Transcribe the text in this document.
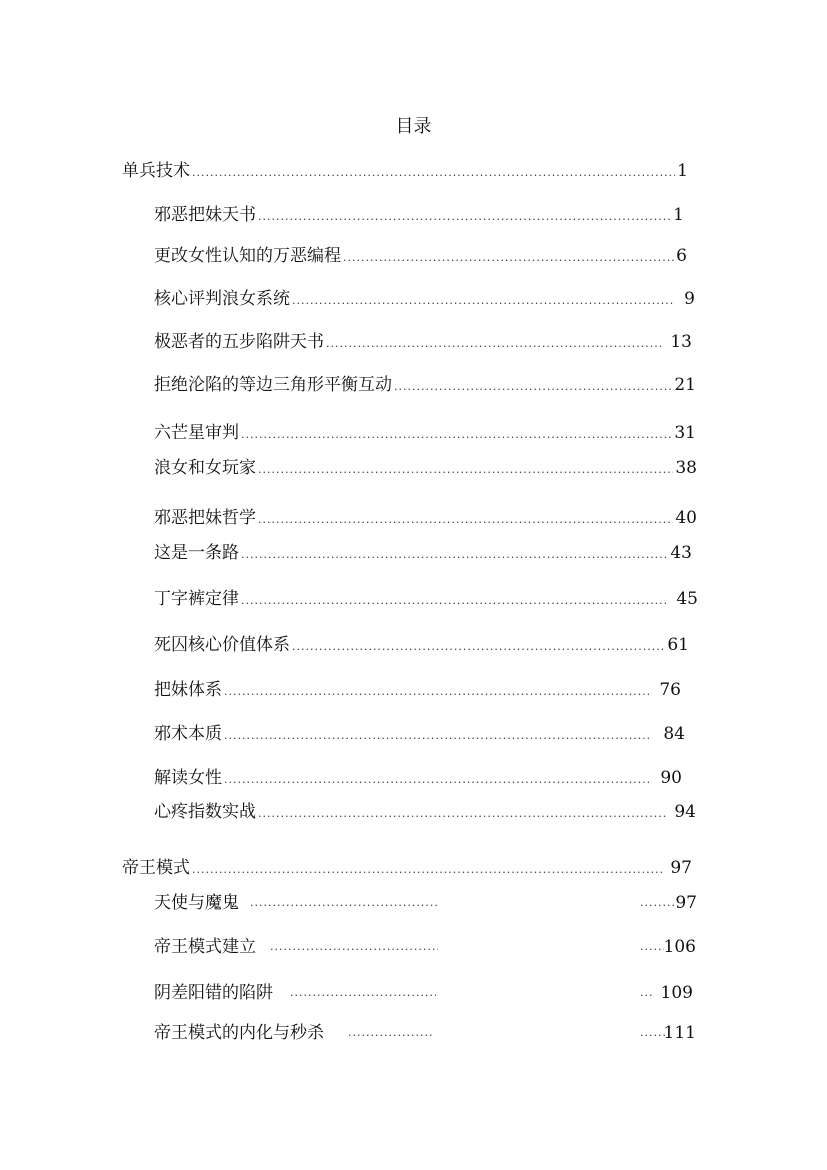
目录
单兵技术 .....	1
邪恶把妹天书 .....	1
更改女性认知的万恶编程 .....	6
核心评判浪女系统 .....	9
极恶者的五步陷阱天书 .....	13
拒绝沦陷的等边三角形平衡互动 .....	21
六芒星审判 .....	31
浪女和女玩家 .....	38
邪恶把妹哲学 .....	40
这是一条路 .....	43
丁字裤定律 .....	45
死囚核心价值体系 .....	61
把妹体系 .....	76
邪术本质 .....	84
解读女性 .....	90
心疼指数实战 .....	94
帝王模式 .....	97
天使与魔鬼 ..... .....	97
帝王模式建立 ..... .....	106
阴差阳错的陷阱 ..... .....	109
帝王模式的内化与秒杀 ..... .....	111
